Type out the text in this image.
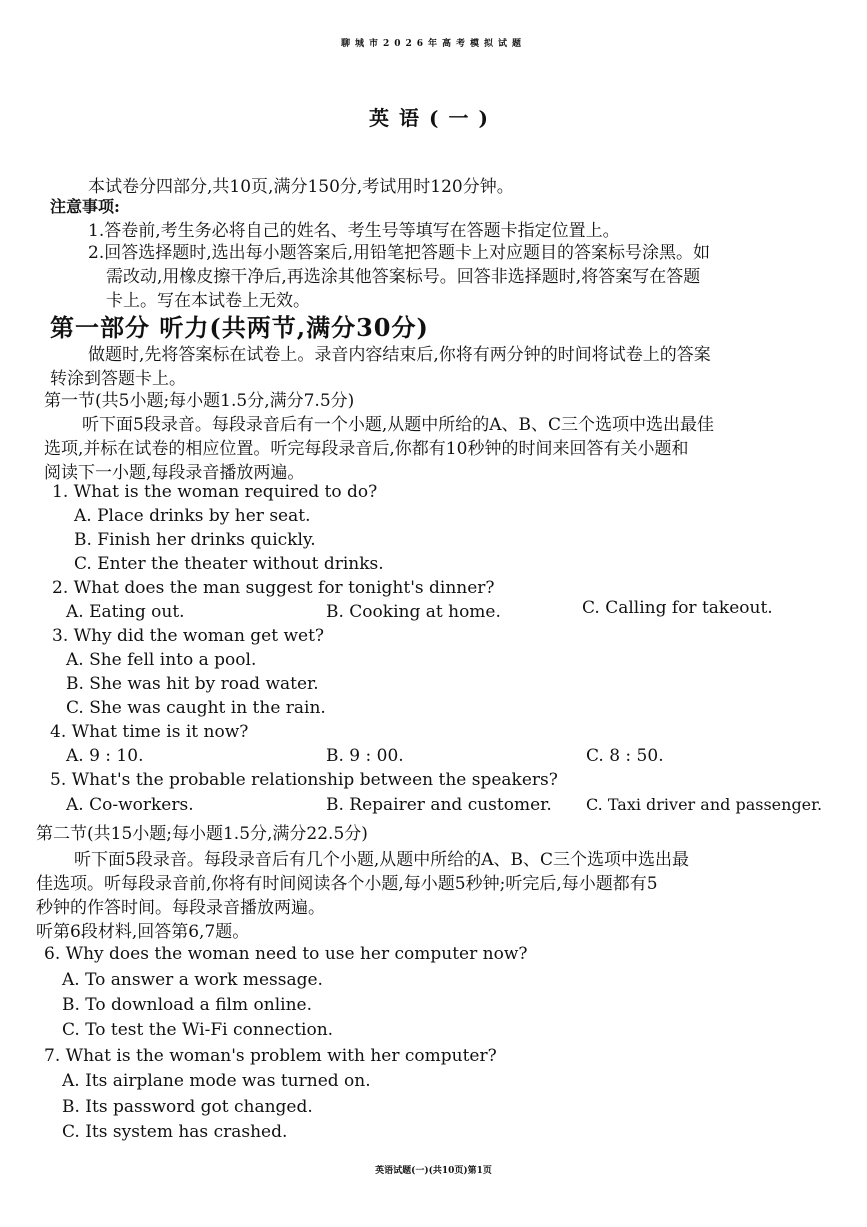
聊城市2026年高考模拟试题
英语(一)
本试卷分四部分,共10页,满分150分,考试用时120分钟。
注意事项:
1.答卷前,考生务必将自己的姓名、考生号等填写在答题卡指定位置上。
2.回答选择题时,选出每小题答案后,用铅笔把答题卡上对应题目的答案标号涂黑。如
需改动,用橡皮擦干净后,再选涂其他答案标号。回答非选择题时,将答案写在答题
卡上。写在本试卷上无效。
第一部分 听力(共两节,满分30分)
做题时,先将答案标在试卷上。录音内容结束后,你将有两分钟的时间将试卷上的答案
转涂到答题卡上。
第一节(共5小题;每小题1.5分,满分7.5分)
听下面5段录音。每段录音后有一个小题,从题中所给的A、B、C三个选项中选出最佳
选项,并标在试卷的相应位置。听完每段录音后,你都有10秒钟的时间来回答有关小题和
阅读下一小题,每段录音播放两遍。
1. What is the woman required to do?
A. Place drinks by her seat.
B. Finish her drinks quickly.
C. Enter the theater without drinks.
2. What does the man suggest for tonight's dinner?
A. Eating out.	B. Cooking at home.	C. Calling for takeout.
3. Why did the woman get wet?
A. She fell into a pool.
B. She was hit by road water.
C. She was caught in the rain.
4. What time is it now?
A. 9 : 10.	B. 9 : 00.	C. 8 : 50.
5. What's the probable relationship between the speakers?
A. Co-workers.	B. Repairer and customer. C. Taxi driver and passenger.
第二节(共15小题;每小题1.5分,满分22.5分)
听下面5段录音。每段录音后有几个小题,从题中所给的A、B、C三个选项中选出最
佳选项。听每段录音前,你将有时间阅读各个小题,每小题5秒钟;听完后,每小题都有5
秒钟的作答时间。每段录音播放两遍。
听第6段材料,回答第6,7题。
6. Why does the woman need to use her computer now?
A. To answer a work message.
B. To download a film online.
C. To test the Wi-Fi connection.
7. What is the woman's problem with her computer?
A. Its airplane mode was turned on.
B. Its password got changed.
C. Its system has crashed.
英语试题(一)(共10页)第1页
